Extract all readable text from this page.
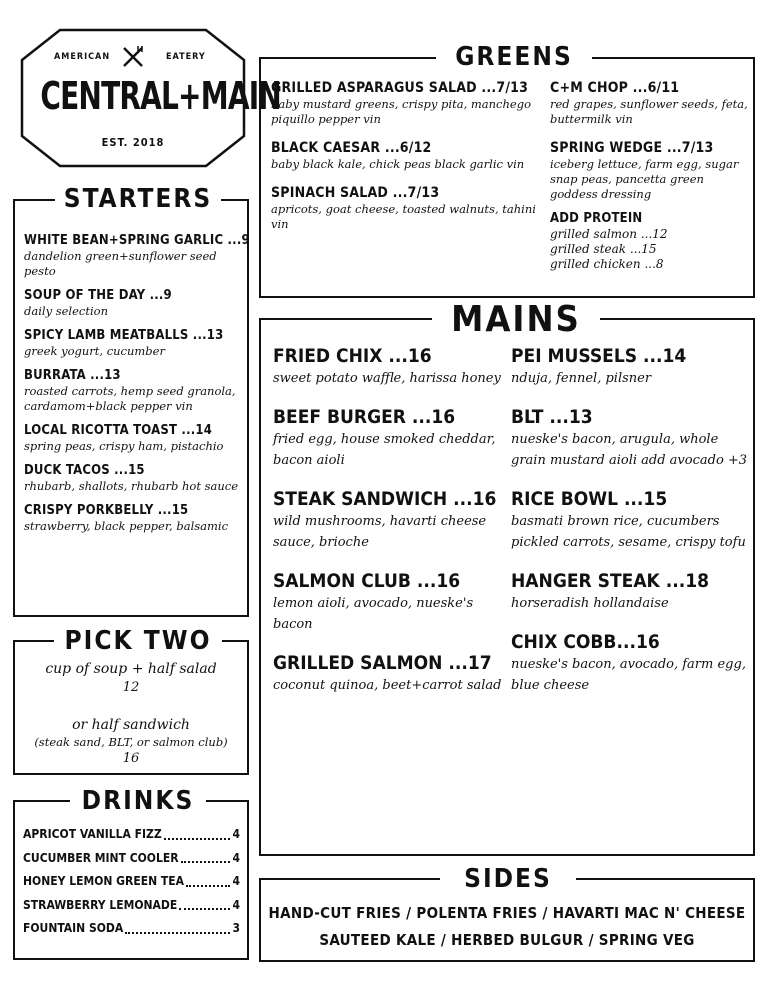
AMERICAN	EATERY
CENTRAL+MAIN
EST. 2018
WHITE BEAN+SPRING GARLIC ...9
dandelion green+sunflower seed pesto
SOUP OF THE DAY ...9
daily selection
SPICY LAMB MEATBALLS ...13
greek yogurt, cucumber
BURRATA ...13
roasted carrots, hemp seed granola, cardamom+black pepper vin
LOCAL RICOTTA TOAST ...14
spring peas, crispy ham, pistachio
DUCK TACOS ...15
rhubarb, shallots, rhubarb hot sauce
CRISPY PORKBELLY ...15
strawberry, black pepper, balsamic
STARTERS
cup of soup + half salad
12
or half sandwich
(steak sand, BLT, or salmon club)
16
PICK TWO
APRICOT VANILLA FIZZ	4
CUCUMBER MINT COOLER	4
HONEY LEMON GREEN TEA	4
STRAWBERRY LEMONADE	4
FOUNTAIN SODA	3
DRINKS
GRILLED ASPARAGUS SALAD ...7/13
baby mustard greens, crispy pita, manchego piquillo pepper vin
BLACK CAESAR ...6/12
baby black kale, chick peas black garlic vin
SPINACH SALAD ...7/13
apricots, goat cheese, toasted walnuts, tahini vin
C+M CHOP ...6/11
red grapes, sunflower seeds, feta, buttermilk vin
SPRING WEDGE ...7/13
iceberg lettuce, farm egg, sugar snap peas, pancetta green goddess dressing
ADD PROTEIN
grilled salmon ...12
grilled steak ...15
grilled chicken ...8
GREENS
FRIED CHIX ...16
sweet potato waffle, harissa honey
BEEF BURGER ...16
fried egg, house smoked cheddar, bacon aioli
STEAK SANDWICH ...16
wild mushrooms, havarti cheese sauce, brioche
SALMON CLUB ...16
lemon aioli, avocado, nueske's bacon
GRILLED SALMON ...17
coconut quinoa, beet+carrot salad
PEI MUSSELS ...14
nduja, fennel, pilsner
BLT ...13
nueske's bacon, arugula, whole grain mustard aioli add avocado +3
RICE BOWL ...15
basmati brown rice, cucumbers pickled carrots, sesame, crispy tofu
HANGER STEAK ...18
horseradish hollandaise
CHIX COBB...16
nueske's bacon, avocado, farm egg, blue cheese
MAINS
HAND-CUT FRIES / POLENTA FRIES / HAVARTI MAC N' CHEESE
SAUTEED KALE / HERBED BULGUR / SPRING VEG
SIDES
